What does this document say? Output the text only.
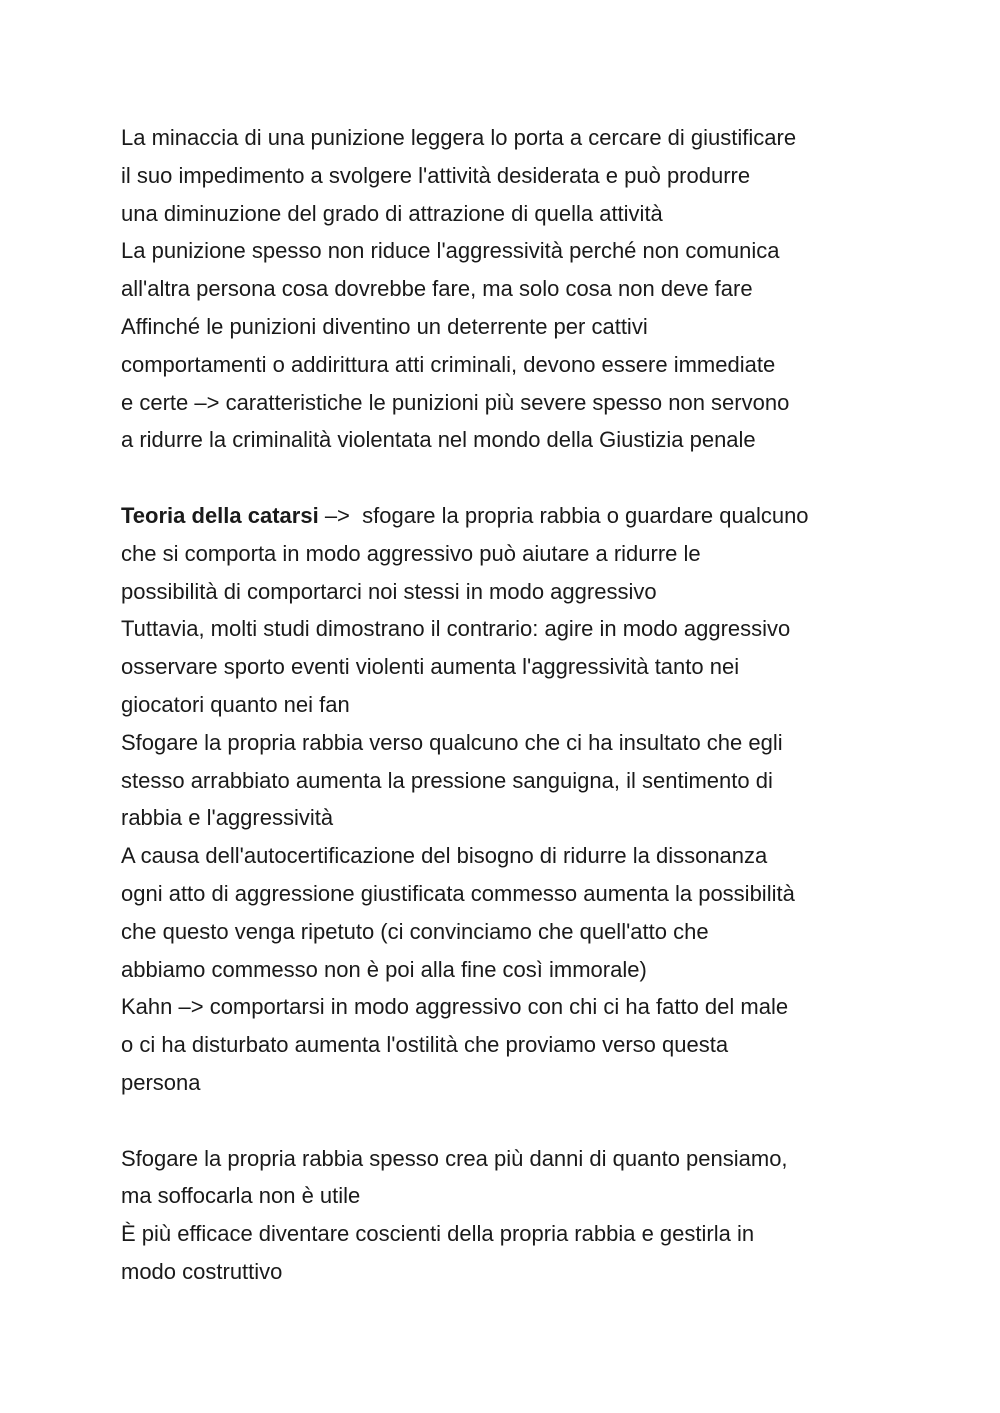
La minaccia di una punizione leggera lo porta a cercare di giustificare
il suo impedimento a svolgere l'attività desiderata e può produrre
una diminuzione del grado di attrazione di quella attività
La punizione spesso non riduce l'aggressività perché non comunica
all'altra persona cosa dovrebbe fare, ma solo cosa non deve fare
Affinché le punizioni diventino un deterrente per cattivi
comportamenti o addirittura atti criminali, devono essere immediate
e certe –> caratteristiche le punizioni più severe spesso non servono
a ridurre la criminalità violentata nel mondo della Giustizia penale
Teoria della catarsi –>  sfogare la propria rabbia o guardare qualcuno
che si comporta in modo aggressivo può aiutare a ridurre le
possibilità di comportarci noi stessi in modo aggressivo
Tuttavia, molti studi dimostrano il contrario: agire in modo aggressivo
osservare sporto eventi violenti aumenta l'aggressività tanto nei
giocatori quanto nei fan
Sfogare la propria rabbia verso qualcuno che ci ha insultato che egli
stesso arrabbiato aumenta la pressione sanguigna, il sentimento di
rabbia e l'aggressività
A causa dell'autocertificazione del bisogno di ridurre la dissonanza
ogni atto di aggressione giustificata commesso aumenta la possibilità
che questo venga ripetuto (ci convinciamo che quell'atto che
abbiamo commesso non è poi alla fine così immorale)
Kahn –> comportarsi in modo aggressivo con chi ci ha fatto del male
o ci ha disturbato aumenta l'ostilità che proviamo verso questa
persona
Sfogare la propria rabbia spesso crea più danni di quanto pensiamo,
ma soffocarla non è utile
È più efficace diventare coscienti della propria rabbia e gestirla in
modo costruttivo
